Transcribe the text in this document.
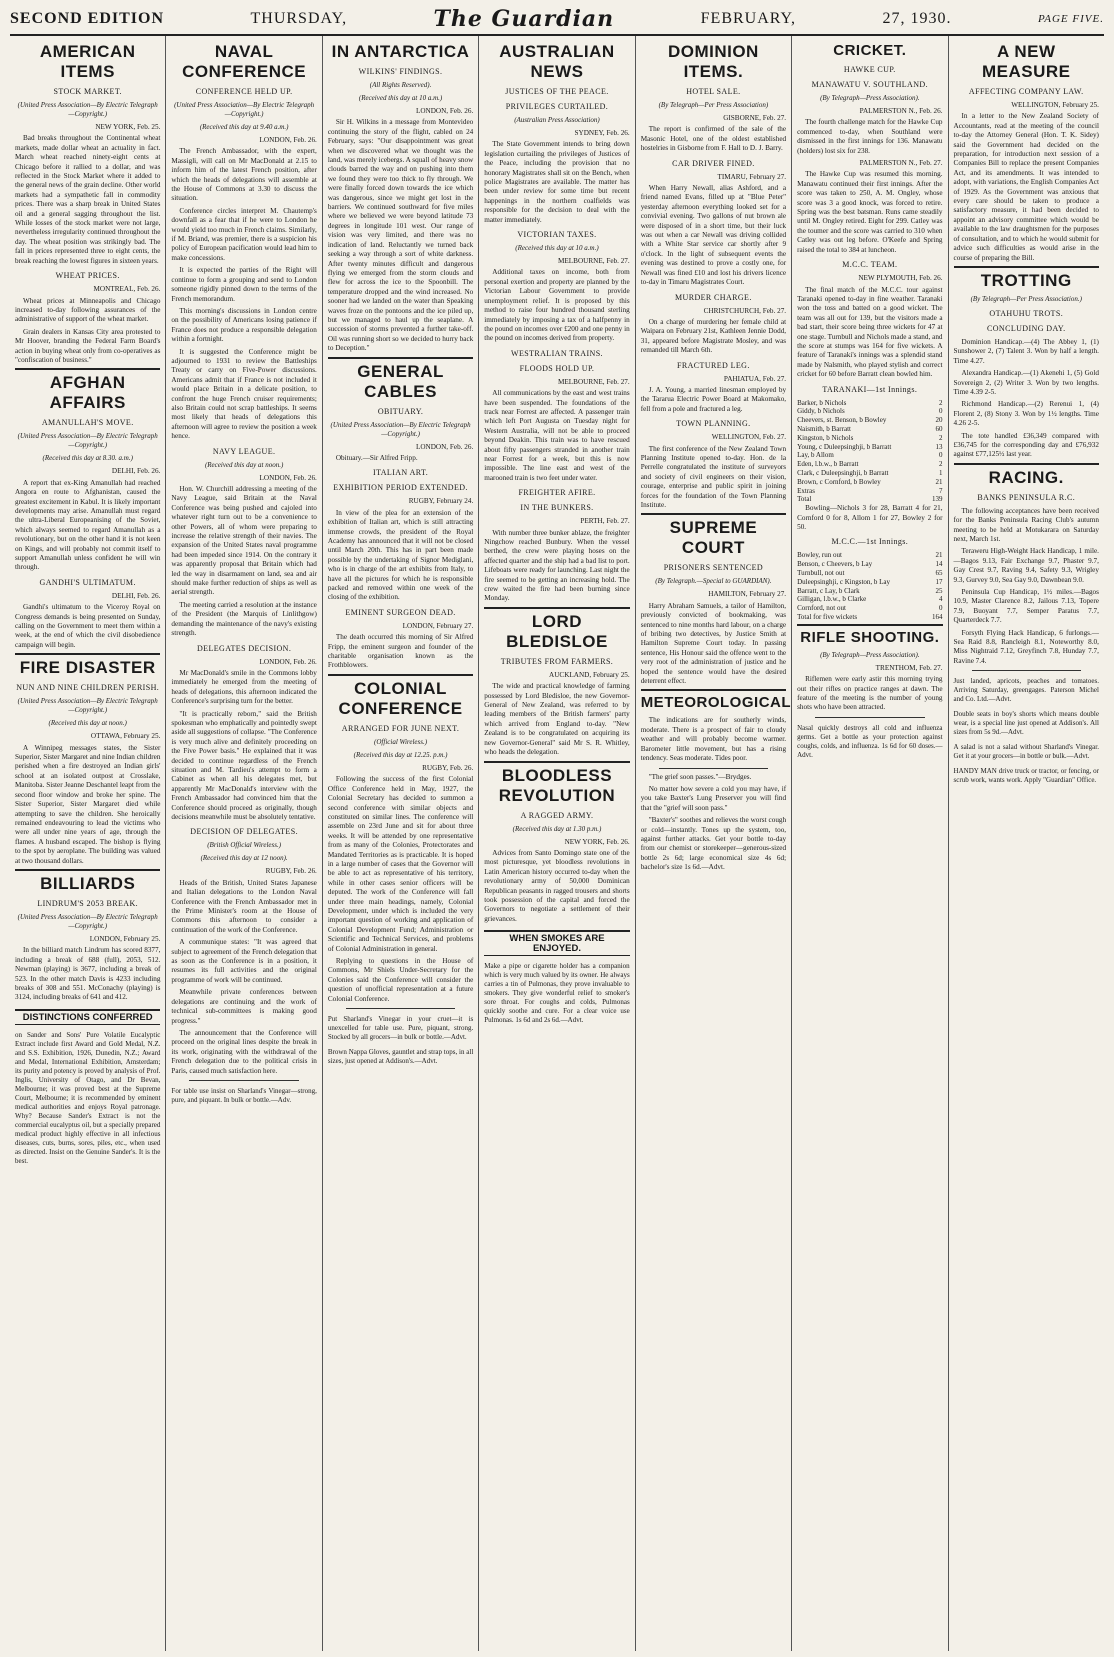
SECOND EDITION	THURSDAY,	The Guardian	FEBRUARY,	27, 1930.	PAGE FIVE.
AMERICAN ITEMS
STOCK MARKET.
(United Press Association—By Electric Telegraph—Copyright.)
NEW YORK, Feb. 25.

Bad breaks throughout the Continental wheat markets, made dollar wheat an actuality in fact. March wheat reached ninety-eight cents at Chicago before it rallied to a dollar, and was reflected in the Stock Market where it added to the general news of the grain decline. Other world markets had a sympathetic fall in commodity prices. There was a sharp break in United States oil and a general sagging throughout the list. While losses of the stock market were not large, nevertheless irregularity continued throughout the day. The wheat position was strikingly bad. The fall in prices represented three to eight cents, the break reaching the lowest figures in sixteen years.

WHEAT PRICES.
MONTREAL, Feb. 26.

Wheat prices at Minneapolis and Chicago increased to-day following assurances of the administrative of support of the wheat market.

Grain dealers in Kansas City area protested to Mr Hoover, branding the Federal Farm Board's action in buying wheat only from co-operatives as "confiscation of business."

AFGHAN AFFAIRS
AMANULLAH'S MOVE.
(United Press Association—By Electric Telegraph—Copyright.)
(Received this day at 8.30. a.m.)
DELHI, Feb. 26.

A report that ex-King Amanullah had reached Angora en route to Afghanistan, caused the greatest excitement in Kabul. It is likely important developments may arise. Amanullah must regard the ultra-Liberal Europeanising of the Soviet, which always seemed to regard Amanullah as a revolutionary, but on the other hand it is not keen on Kings, and will probably not commit itself to support Amanullah unless confident he will win through.

GANDHI'S ULTIMATUM.
DELHI, Feb. 26.

Gandhi's ultimatum to the Viceroy Royal on Congress demands is being presented on Sunday, calling on the Government to meet them within a week, at the end of which the civil disobedience campaign will begin.

FIRE DISASTER
NUN AND NINE CHILDREN PERISH.
(United Press Association—By Electric Telegraph—Copyright.)
(Received this day at noon.)
OTTAWA, February 25.

A Winnipeg messages states, the Sister Superior, Sister Margaret and nine Indian children perished when a fire destroyed an Indian girls' school at an isolated outpost at Crosslake, Manitoba. Sister Jeanne Deschantel leapt from the second floor window and broke her spine. The Sister Superior, Sister Margaret died while attempting to save the children. She heroically remained endeavouring to lead the victims who were all under nine years of age, through the flames. A husband escaped. The bishop is flying to the spot by aeroplane. The building was valued at two thousand dollars.

BILLIARDS
LINDRUM'S 2053 BREAK.
(United Press Association—By Electric Telegraph—Copyright.)
LONDON, February 25.

In the billiard match Lindrum has scored 8377, including a break of 688 (full), 2053, 512. Newman (playing) is 3677, including a break of 523. In the other match Davis is 4233 including breaks of 308 and 551. McConachy (playing) is 3124, including breaks of 641 and 412.

DISTINCTIONS CONFERRED
on Sander and Sons' Pure Volatile Eucalyptic Extract include first Award and Gold Medal, N.Z. and S.S. Exhibition, 1926, Dunedin, N.Z.; Award and Medal, International Exhibition, Amsterdam; its purity and potency is proved by analysis of Prof. Inglis, University of Otago, and Dr Bevan, Melbourne; it was proved best at the Supreme Court, Melbourne; it is recommended by eminent medical authorities and enjoys Royal patronage. Why? Because Sander's Extract is not the commercial eucalyptus oil, but a specially prepared medical product highly effective in all infectious diseases, cuts, burns, sores, piles, etc., when used as directed. Insist on the Genuine Sander's. It is the best.
NAVAL CONFERENCE
CONFERENCE HELD UP.
(United Press Association—By Electric Telegraph—Copyright.)
(Received this day at 9.40 a.m.)
LONDON, Feb. 26.

The French Ambassador, with the expert, Massigli, will call on Mr MacDonald at 2.15 to inform him of the latest French position, after which the heads of delegations will assemble at the House of Commons at 3.30 to discuss the situation.

Conference circles interpret M. Chautemp's downfall as a fear that if he were to London he would yield too much in French claims. Similarly, if M. Briand, was premier, there is a suspicion his policy of European pacification would lead him to make concessions.

It is expected the parties of the Right will continue to form a grouping and send to London someone rigidly pinned down to the terms of the French memorandum.

This morning's discussions in London centre on the possibility of Americans losing patience if France does not produce a responsible delegation within a fortnight.

It is suggested the Conference might be adjourned to 1931 to review the Battleships Treaty or carry on Five-Power discussions. Americans admit that if France is not included it would place Britain in a delicate position, to confront the huge French cruiser requirements; also Britain could not scrap battleships. It seems most likely that heads of delegations this afternoon will agree to review the position a week hence.

NAVY LEAGUE.
(Received this day at noon.)
LONDON, Feb. 26.

Hon. W. Churchill addressing a meeting of the Navy League, said Britain at the Naval Conference was being pushed and cajoled into whatever right turn out to be a convenience to other Powers, all of whom were preparing to increase the relative strength of their navies. The expansion of the United States naval programme had been impeded since 1914. On the contrary it was apparently proposal that Britain which had led the way in disarmament on land, sea and air should make further reduction of ships as well as aerial strength.

The meeting carried a resolution at the instance of the President (the Marquis of Linlithgow) demanding the maintenance of the navy's existing strength.

DELEGATES DECISION.
LONDON, Feb. 26.

Mr MacDonald's smile in the Commons lobby immediately he emerged from the meeting of heads of delegations, this afternoon indicated the Conference's surprising turn for the better.

"It is practically reborn," said the British spokesman who emphatically and pointedly swept aside all suggestions of collapse. "The Conference is very much alive and definitely proceeding on the Five Power basis." He explained that it was decided to continue regardless of the French situation and M. Tardieu's attempt to form a Cabinet as when all his delegates met, but apparently Mr MacDonald's interview with the French Ambassador had convinced him that the Conference should proceed as originally, though decisions meanwhile must be absolutely tentative.

DECISION OF DELEGATES.
(British Official Wireless.)
(Received this day at 12 noon).
RUGBY, Feb. 26.

Heads of the British, United States Japanese and Italian delegations to the London Naval Conference with the French Ambassador met in the Prime Minister's room at the House of Commons this afternoon to consider a continuation of the work of the Conference.

A communique states: "It was agreed that subject to agreement of the French delegation that as soon as the Conference is in a position, it resumes its full activities and the original programme of work will be continued.

Meanwhile private conferences between delegations are continuing and the work of technical sub-committees is making good progress."

The announcement that the Conference will proceed on the original lines despite the break in its work, originating with the withdrawal of the French delegation due to the political crisis in Paris, caused much satisfaction here.

For table use insist on Sharland's Vinegar—strong, pure, and piquant. In bulk or bottle.—Adv.
IN ANTARCTICA
WILKINS' FINDINGS.
(All Rights Reserved).
(Received this day at 10 a.m.)
LONDON, Feb. 26.

Sir H. Wilkins in a message from Montevideo continuing the story of the flight, cabled on 24 February, says: "Our disappointment was great when we discovered what we thought was the land, was merely icebergs. A squall of heavy snow clouds barred the way and on pushing into them we found they were too thick to fly through. We were finally forced down towards the ice which was dangerous, since we might get lost in the barriers. We continued southward for five miles where we believed we were beyond latitude 73 degrees in longitude 101 west. Our range of vision was very limited, and there was no indication of land. Reluctantly we turned back seeking a way through a sort of white darkness. After twenty minutes difficult and dangerous flying we emerged from the storm clouds and flew for across the ice to the Spoonbill. The temperature dropped and the wind increased. No sooner had we landed on the water than Speaking waves froze on the pontoons and the ice piled up, but we managed to haul up the seaplane. A succession of storms prevented a further take-off. Oil was running short so we decided to hurry back to Deception."

GENERAL CABLES
OBITUARY.
(United Press Association—By Electric Telegraph—Copyright.)
LONDON, Feb. 26.

Obituary.—Sir Alfred Fripp.

ITALIAN ART.
EXHIBITION PERIOD EXTENDED.
RUGBY, February 24.

In view of the plea for an extension of the exhibition of Italian art, which is still attracting immense crowds, the president of the Royal Academy has announced that it will not be closed until March 20th. This has in part been made possible by the undertaking of Signor Mediglani, who is in charge of the art exhibits from Italy, to have all the pictures for which he is responsible packed and removed within one week of the closing of the exhibition.

EMINENT SURGEON DEAD.
LONDON, February 27.

The death occurred this morning of Sir Alfred Fripp, the eminent surgeon and founder of the charitable organisation known as the Frothblowers.

COLONIAL CONFERENCE
ARRANGED FOR JUNE NEXT.
(Official Wireless.)
(Received this day at 12.25. p.m.)
RUGBY, Feb. 26.

Following the success of the first Colonial Office Conference held in May, 1927, the Colonial Secretary has decided to summon a second conference with similar objects and constituted on similar lines. The conference will assemble on 23rd June and sit for about three weeks. It will be attended by one representative from as many of the Colonies, Protectorates and Mandated Territories as is practicable. It is hoped in a large number of cases that the Governor will be able to act as representative of his territory, while in other cases senior officers will be deputed. The work of the Conference will fall under three main headings, namely, Colonial Development, under which is included the very important question of working and application of Colonial Development Fund; Administration or Scientific and Technical Services, and problems of Colonial Administration in general.

Replying to questions in the House of Commons, Mr Shiels Under-Secretary for the Colonies said the Conference will consider the question of unofficial representation at a future Colonial Conference.

Put Sharland's Vinegar in your cruet—it is unexcelled for table use. Pure, piquant, strong. Stocked by all grocers—in bulk or bottle.—Advt.
Brown Nappa Gloves, gauntlet and strap tops, in all sizes, just opened at Addison's.—Advt.
AUSTRALIAN NEWS
JUSTICES OF THE PEACE.
PRIVILEGES CURTAILED.
(Australian Press Association)
SYDNEY, Feb. 26.

The State Government intends to bring down legislation curtailing the privileges of Justices of the Peace, including the provision that no honorary Magistrates shall sit on the Bench, when police Magistrates are available. The matter has been under review for some time but recent happenings in the northern coalfields was responsible for the decision to deal with the matter immediately.

VICTORIAN TAXES.
(Received this day at 10 a.m.)
MELBOURNE, Feb. 27.

Additional taxes on income, both from personal exertion and property are planned by the Victorian Labour Government to provide unemployment relief. It is proposed by this method to raise four hundred thousand sterling immediately by imposing a tax of a halfpenny in the pound on incomes over £200 and one penny in the pound on incomes derived from property.

WESTRALIAN TRAINS.
FLOODS HOLD UP.
MELBOURNE, Feb. 27.

All communications by the east and west trains have been suspended. The foundations of the track near Forrest are affected. A passenger train which left Port Augusta on Tuesday night for Western Australia, will not be able to proceed beyond Deakin. This train was to have rescued about fifty passengers stranded in another train near Forrest for a week, but this is now impossible. The line east and west of the marooned train is two feet under water.

FREIGHTER AFIRE.
IN THE BUNKERS.
PERTH, Feb. 27.

With number three bunker ablaze, the freighter Ningchow reached Bunbury. When the vessel berthed, the crew were playing hoses on the affected quarter and the ship had a bad list to port. Lifeboats were ready for launching. Last night the fire seemed to be getting an increasing hold. The crew waited the fire had been burning since Monday.

LORD BLEDISLOE
TRIBUTES FROM FARMERS.
AUCKLAND, February 25.

The wide and practical knowledge of farming possessed by Lord Bledisloe, the new Governor-General of New Zealand, was referred to by leading members of the British farmers' party which arrived from England to-day. "New Zealand is to be congratulated on acquiring its new Governor-General" said Mr S. R. Whitley, who heads the delegation.

BLOODLESS REVOLUTION
A RAGGED ARMY.
(Received this day at 1.30 p.m.)
NEW YORK, Feb. 26.

Advices from Santo Domingo state one of the most picturesque, yet bloodless revolutions in Latin American history occurred to-day when the revolutionary army of 50,000 Dominican Republican peasants in ragged trousers and shorts took possession of the capital and forced the Governors to negotiate a settlement of their grievances.

WHEN SMOKES ARE ENJOYED.
Make a pipe or cigarette holder has a companion which is very much valued by its owner. He always carries a tin of Pulmonas, they prove invaluable to smokers. They give wonderful relief to smoker's sore throat. For coughs and colds, Pulmonas quickly soothe and cure. For a clear voice use Pulmonas. 1s 6d and 2s 6d.—Advt.
DOMINION ITEMS.
HOTEL SALE.
(By Telegraph—Per Press Association)
GISBORNE, Feb. 27.

The report is confirmed of the sale of the Masonic Hotel, one of the oldest established hostelries in Gisborne from F. Hall to D. J. Barry.

CAR DRIVER FINED.
TIMARU, February 27.

When Harry Newall, alias Ashford, and a friend named Evans, filled up at "Blue Peter" yesterday afternoon everything looked set for a convivial evening. Two gallons of nut brown ale were disposed of in a short time, but their luck was out when a car Newall was driving collided with a White Star service car shortly after 9 o'clock. In the light of subsequent events the evening was destined to prove a costly one, for Newall was fined £10 and lost his drivers licence to-day in Timaru Magistrates Court.

MURDER CHARGE.
CHRISTCHURCH, Feb. 27.

On a charge of murdering her female child at Waipara on February 21st, Kathleen Jennie Dodd, 31, appeared before Magistrate Mosley, and was remanded till March 6th.

FRACTURED LEG.
PAHIATUA, Feb. 27.

J. A. Young, a married linesman employed by the Tararua Electric Power Board at Makomako, fell from a pole and fractured a leg.

TOWN PLANNING.
WELLINGTON, Feb. 27.

The first conference of the New Zealand Town Planning Institute opened to-day. Hon. de la Perrelle congratulated the institute of surveyors and society of civil engineers on their vision, courage, enterprise and public spirit in joining forces for the foundation of the Town Planning Institute.

SUPREME COURT
PRISONERS SENTENCED
(By Telegraph.—Special to GUARDIAN).
HAMILTON, February 27.

Harry Abraham Samuels, a tailor of Hamilton, previously convicted of bookmaking, was sentenced to nine months hard labour, on a charge of bribing two detectives, by Justice Smith at Hamilton Supreme Court today. In passing sentence, His Honour said the offence went to the very root of the administration of justice and he hoped the sentence would have the desired deterrent effect.

METEOROLOGICAL

The indications are for southerly winds, moderate. There is a prospect of fair to cloudy weather and will probably become warmer. Barometer little movement, but has a rising tendency. Seas moderate. Tides poor.

"The grief soon passes."—Brydges.

No matter how severe a cold you may have, if you take Baxter's Lung Preserver you will find that the "grief will soon pass."

"Baxter's" soothes and relieves the worst cough or cold—instantly. Tones up the system, too, against further attacks. Get your bottle to-day from our chemist or storekeeper—generous-sized bottle 2s 6d; large economical size 4s 6d; bachelor's size 1s 6d.—Advt.

CRICKET.
HAWKE CUP.
MANAWATU V. SOUTHLAND.
(By Telegraph—Press Association).
PALMERSTON N., Feb. 26.

The fourth challenge match for the Hawke Cup commenced to-day, when Southland were dismissed in the first innings for 136. Manawatu (holders) lost six for 238.

PALMERSTON N., Feb. 27.

The Hawke Cup was resumed this morning. Manawatu continued their first innings. After the score was taken to 250, A. M. Ongley, whose score was 3 a good knock, was forced to retire. Spring was the best batsman. Runs came steadily until M. Ongley retired. Eight for 299. Catley was the toumer and the score was carried to 310 when Catley was out leg before. O'Keefe and Spring raised the total to 384 at luncheon.

M.C.C. TEAM.
NEW PLYMOUTH, Feb. 26.

The final match of the M.C.C. tour against Taranaki opened to-day in fine weather. Taranaki won the toss and batted on a good wicket. The team was all out for 139, but the visitors made a bad start, their score being three wickets for 47 at one stage. Turnbull and Nichols made a stand, and the score at stumps was 164 for five wickets. A feature of Taranaki's innings was a splendid stand made by Nalsmith, who played stylish and correct cricket for 60 before Barratt clean bowled him.

TARANAKI—1st Innings.
Barker, b Nichols	2
Giddy, b Nichols	0
Cheevers, st. Benson, b Bowley	20
Naismith, b Barratt	60
Kingston, b Nichols	2
Young, c Duleepsinghji, b Barratt	13
Lay, b Allom	0
Eden, l.b.w., b Barratt	2
Clark, c Duleepsinghji, b Barratt	1
Brown, c Cornford, b Bowley	21
Extras	7
Total	139

Bowling—Nichols 3 for 28, Barratt 4 for 21, Cornford 0 for 8, Allom 1 for 27, Bowley 2 for 50.

M.C.C.—1st Innings.
Bowley, run out	21
Benson, c Cheevers, b Lay	14
Turnbull, not out	65
Duleepsinghji, c Kingston, b Lay	17
Barratt, c Lay, b Clark	25
Gilligan, l.b.w., b Clarke	4
Cornford, not out	0
Total for five wickets	164
RIFLE SHOOTING.
(By Telegraph—Press Association).
TRENTHOM, Feb. 27.

Riflemen were early astir this morning trying out their rifles on practice ranges at dawn. The feature of the meeting is the number of young shots who have been attracted.

Nasal quickly destroys all cold and influenza germs. Get a bottle as your protection against coughs, colds, and influenza. 1s 6d for 60 doses.—Advt.
A NEW MEASURE
AFFECTING COMPANY LAW.
WELLINGTON, February 25.

In a letter to the New Zealand Society of Accountants, read at the meeting of the council to-day the Attorney General (Hon. T. K. Sidey) said the Government had decided on the preparation, for introduction next session of a Companies Bill to replace the present Companies Act, and its amendments. It was intended to adopt, with variations, the English Companies Act of 1929. As the Government was anxious that every care should be taken to produce a satisfactory measure, it had been decided to appoint an advisory committee which would be available to the law draughtsmen for the purposes of consultation, and to which he would submit for advice such difficulties as would arise in the course of preparing the Bill.

TROTTING
(By Telegraph—Per Press Association.)
OTAHUHU TROTS.
CONCLUDING DAY.

Dominion Handicap.—(4) The Abbey 1, (1) Sunshower 2, (7) Talent 3. Won by half a length. Time 4.27.

Alexandra Handicap.—(1) Akenehi 1, (5) Gold Sovereign 2, (2) Writer 3. Won by two lengths. Time 4.39 2-5.

Richmond Handicap.—(2) Rerenui 1, (4) Florent 2, (8) Stony 3. Won by 1½ lengths. Time 4.26 2-5.

The tote handled £36,349 compared with £36,745 for the corresponding day and £76,932 against £77,125½ last year.

RACING.
BANKS PENINSULA R.C.

The following acceptances have been received for the Banks Peninsula Racing Club's autumn meeting to be held at Motukarara on Saturday next, March 1st.

Teraweru High-Weight Hack Handicap, 1 mile.—Bagos 9.13, Fair Exchange 9.7, Phaster 9.7, Gay Crest 9.7, Raving 9.4, Safety 9.3, Wrigley 9.3, Gurvey 9.0, Sea Gay 9.0, Dawnbean 9.0.

Peninsula Cup Handicap, 1½ miles.—Bagos 10.9, Master Clarence 8.2, Jailous 7.13, Topere 7.9, Buoyant 7.7, Semper Paratus 7.7, Quarterdeck 7.7.

Forsyth Flying Hack Handicap, 6 furlongs.—Sea Raid 8.8, Rancleigh 8.1, Noteworthy 8.0, Miss Nightraid 7.12, Greyfinch 7.8, Hunday 7.7, Ravine 7.4.

Just landed, apricots, peaches and tomatoes. Arriving Saturday, greengages. Paterson Michel and Co. Ltd.—Advt.
Double seats in boy's shorts which means double wear, is a special line just opened at Addison's. All sizes from 5s 9d.—Advt.
A salad is not a salad without Sharland's Vinegar. Get it at your grocers—in bottle or bulk.—Advt.
HANDY MAN drive truck or tractor, or fencing, or scrub work, wants work. Apply "Guardian" Office.
